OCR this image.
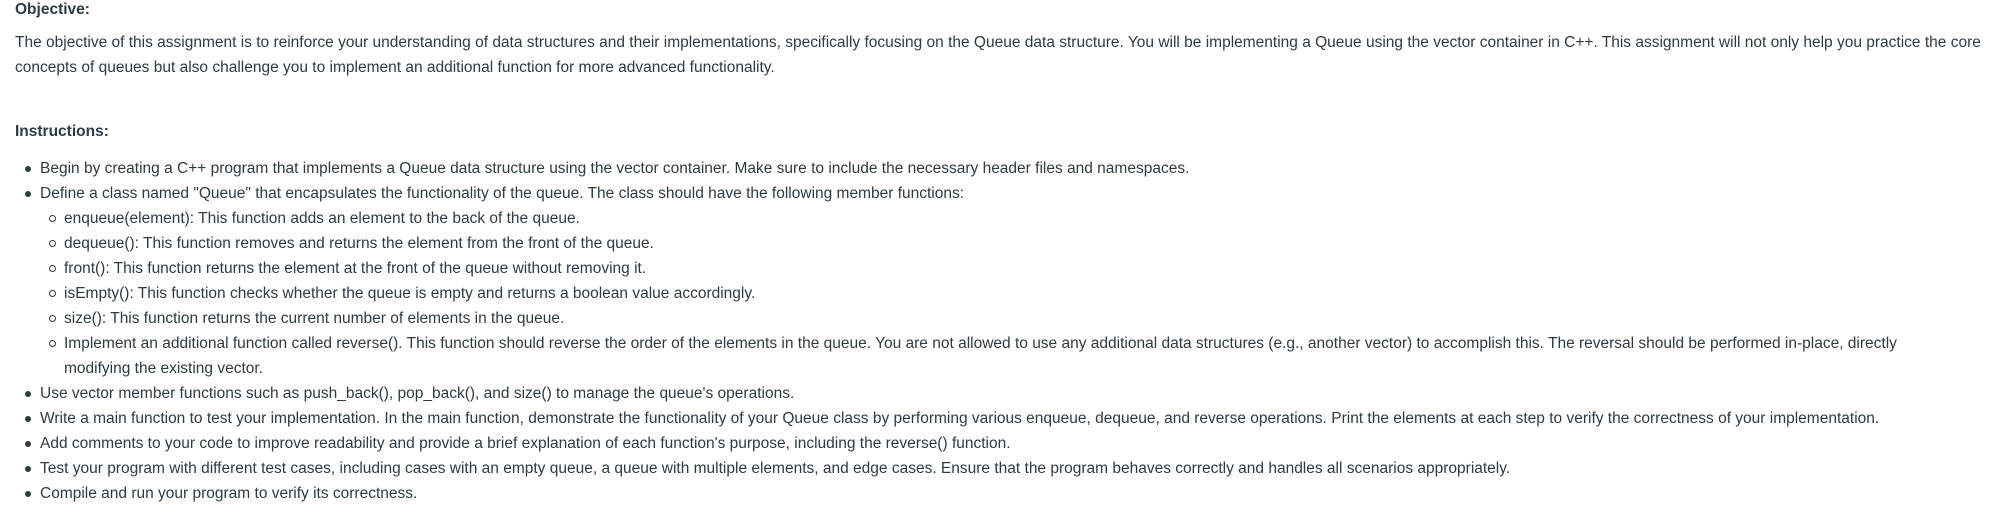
Objective:

The objective of this assignment is to reinforce your understanding of data structures and their implementations, specifically focusing on the Queue data structure. You will be implementing a Queue using the vector container in C++. This assignment will not only help you practice the core concepts of queues but also challenge you to implement an additional function for more advanced functionality.

Instructions:

Begin by creating a C++ program that implements a Queue data structure using the vector container. Make sure to include the necessary header files and namespaces.
Define a class named "Queue" that encapsulates the functionality of the queue. The class should have the following member functions:
enqueue(element): This function adds an element to the back of the queue.
dequeue(): This function removes and returns the element from the front of the queue.
front(): This function returns the element at the front of the queue without removing it.
isEmpty(): This function checks whether the queue is empty and returns a boolean value accordingly.
size(): This function returns the current number of elements in the queue.
Implement an additional function called reverse(). This function should reverse the order of the elements in the queue. You are not allowed to use any additional data structures (e.g., another vector) to accomplish this. The reversal should be performed in-place, directly modifying the existing vector.
Use vector member functions such as push_back(), pop_back(), and size() to manage the queue's operations.
Write a main function to test your implementation. In the main function, demonstrate the functionality of your Queue class by performing various enqueue, dequeue, and reverse operations. Print the elements at each step to verify the correctness of your implementation.
Add comments to your code to improve readability and provide a brief explanation of each function's purpose, including the reverse() function.
Test your program with different test cases, including cases with an empty queue, a queue with multiple elements, and edge cases. Ensure that the program behaves correctly and handles all scenarios appropriately.
Compile and run your program to verify its correctness.
